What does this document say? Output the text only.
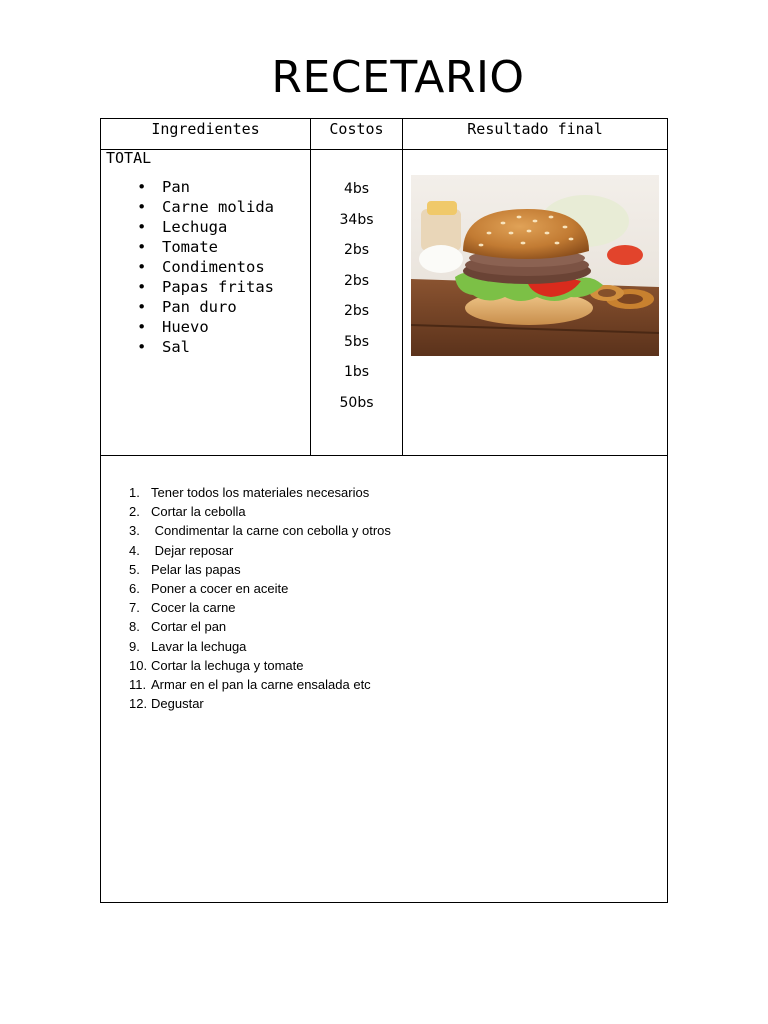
RECETARIO
Ingredientes	Costos	Resultado final
TOTAL
• Pan
• Carne molida
• Lechuga
• Tomate
• Condimentos
• Papas fritas
• Pan duro
• Huevo
• Sal
4bs
34bs
2bs
2bs
2bs
5bs
1bs
50bs
1. Tener todos los materiales necesarios
2. Cortar la cebolla
3. Condimentar la carne con cebolla y otros
4. Dejar reposar
5. Pelar las papas
6. Poner a cocer en aceite
7. Cocer la carne
8. Cortar el pan
9. Lavar la lechuga
10. Cortar la lechuga y tomate
11. Armar en el pan la carne ensalada etc
12. Degustar
